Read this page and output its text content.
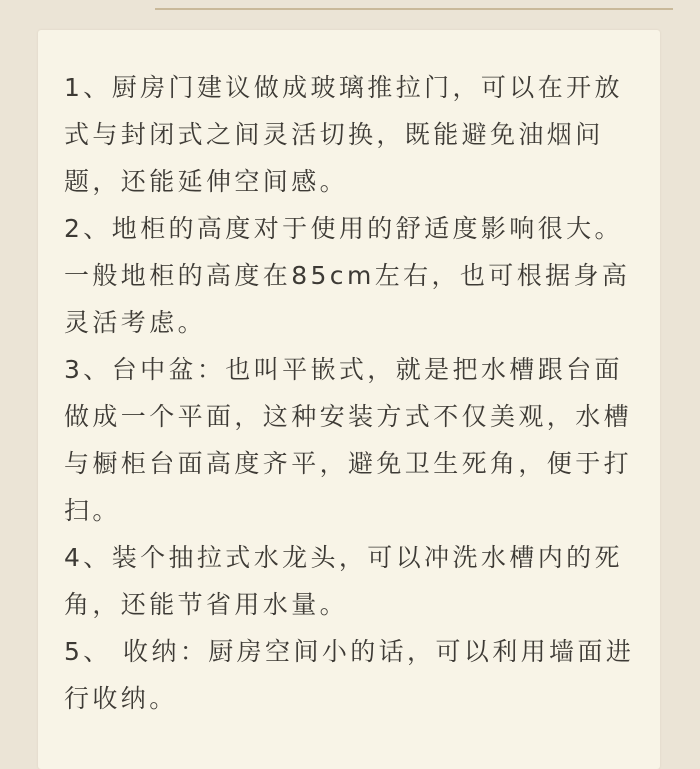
1、厨房门建议做成玻璃推拉门，可以在开放
式与封闭式之间灵活切换，既能避免油烟问
题，还能延伸空间感。
2、地柜的高度对于使用的舒适度影响很大。
一般地柜的高度在85cm左右，也可根据身高
灵活考虑。
3、台中盆：也叫平嵌式，就是把水槽跟台面
做成一个平面，这种安装方式不仅美观，水槽
与橱柜台面高度齐平，避免卫生死角，便于打
扫。
4、装个抽拉式水龙头，可以冲洗水槽内的死
角，还能节省用水量。
5、 收纳：厨房空间小的话，可以利用墙面进
行收纳。
